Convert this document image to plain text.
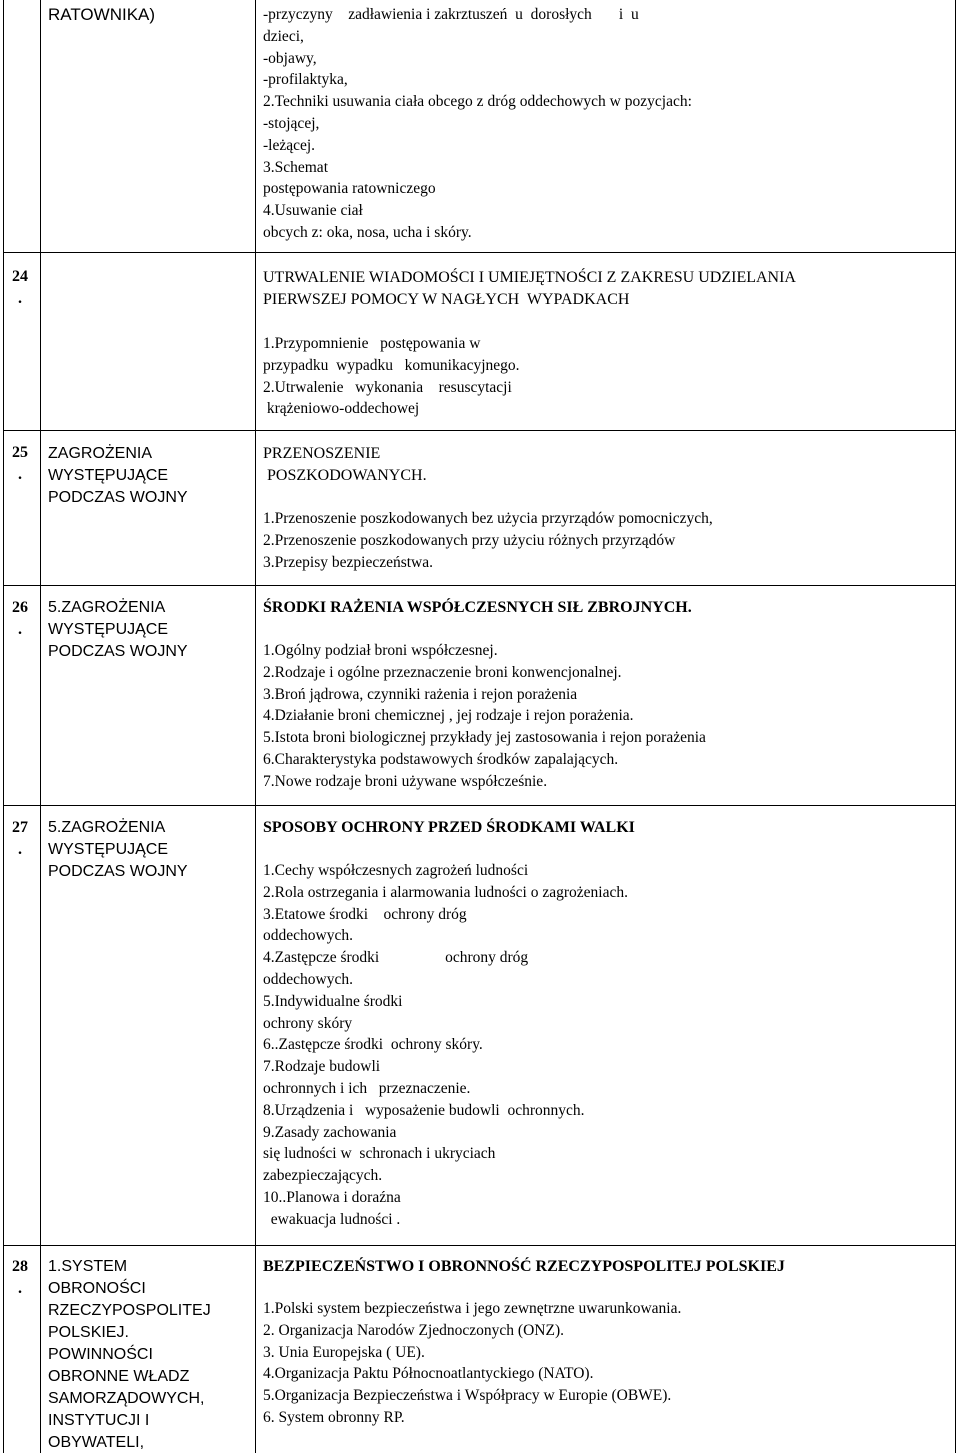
RATOWNIKA)	-przyczyny    zadławienia i zakrztuszeń  u  dorosłych       i  u
dzieci,
-objawy,
-profilaktyka,
2.Techniki usuwania ciała obcego z dróg oddechowych w pozycjach:
-stojącej,
-leżącej.
3.Schemat
postępowania ratowniczego
4.Usuwanie ciał
obcych z: oka, nosa, ucha i skóry.
24
.
UTRWALENIE WIADOMOŚCI I UMIEJĘTNOŚCI Z ZAKRESU UDZIELANIA
PIERWSZEJ POMOCY W NAGŁYCH  WYPADKACH
1.Przypomnienie   postępowania w
przypadku  wypadku   komunikacyjnego.
2.Utrwalenie   wykonania    resuscytacji
krążeniowo-oddechowej
25
.
ZAGROŻENIA
WYSTĘPUJĄCE
PODCZAS WOJNY
PRZENOSZENIE
POSZKODOWANYCH.
1.Przenoszenie poszkodowanych bez użycia przyrządów pomocniczych,
2.Przenoszenie poszkodowanych przy użyciu różnych przyrządów
3.Przepisy bezpieczeństwa.
26
.
5.ZAGROŻENIA
WYSTĘPUJĄCE
PODCZAS WOJNY
ŚRODKI RAŻENIA WSPÓŁCZESNYCH SIŁ ZBROJNYCH.
1.Ogólny podział broni współczesnej.
2.Rodzaje i ogólne przeznaczenie broni konwencjonalnej.
3.Broń jądrowa, czynniki rażenia i rejon porażenia
4.Działanie broni chemicznej , jej rodzaje i rejon porażenia.
5.Istota broni biologicznej przykłady jej zastosowania i rejon porażenia
6.Charakterystyka podstawowych środków zapalających.
7.Nowe rodzaje broni używane współcześnie.
27
.
5.ZAGROŻENIA
WYSTĘPUJĄCE
PODCZAS WOJNY
SPOSOBY OCHRONY PRZED ŚRODKAMI WALKI
1.Cechy współczesnych zagrożeń ludności
2.Rola ostrzegania i alarmowania ludności o zagrożeniach.
3.Etatowe środki    ochrony dróg
oddechowych.
4.Zastępcze środki                 ochrony dróg
oddechowych.
5.Indywidualne środki
ochrony skóry
6..Zastępcze środki  ochrony skóry.
7.Rodzaje budowli
ochronnych i ich   przeznaczenie.
8.Urządzenia i   wyposażenie budowli  ochronnych.
9.Zasady zachowania
się ludności w  schronach i ukryciach
zabezpieczających.
10..Planowa i doraźna
ewakuacja ludności .
28
.
1.SYSTEM
OBRONOŚCI
RZECZYPOSPOLITEJ
POLSKIEJ.
POWINNOŚCI
OBRONNE WŁADZ
SAMORZĄDOWYCH,
INSTYTUCJI I
OBYWATELI,
BEZPIECZEŃSTWO I OBRONNOŚĆ RZECZYPOSPOLITEJ POLSKIEJ
1.Polski system bezpieczeństwa i jego zewnętrzne uwarunkowania.
2. Organizacja Narodów Zjednoczonych (ONZ).
3. Unia Europejska ( UE).
4.Organizacja Paktu Północnoatlantyckiego (NATO).
5.Organizacja Bezpieczeństwa i Współpracy w Europie (OBWE).
6. System obronny RP.
